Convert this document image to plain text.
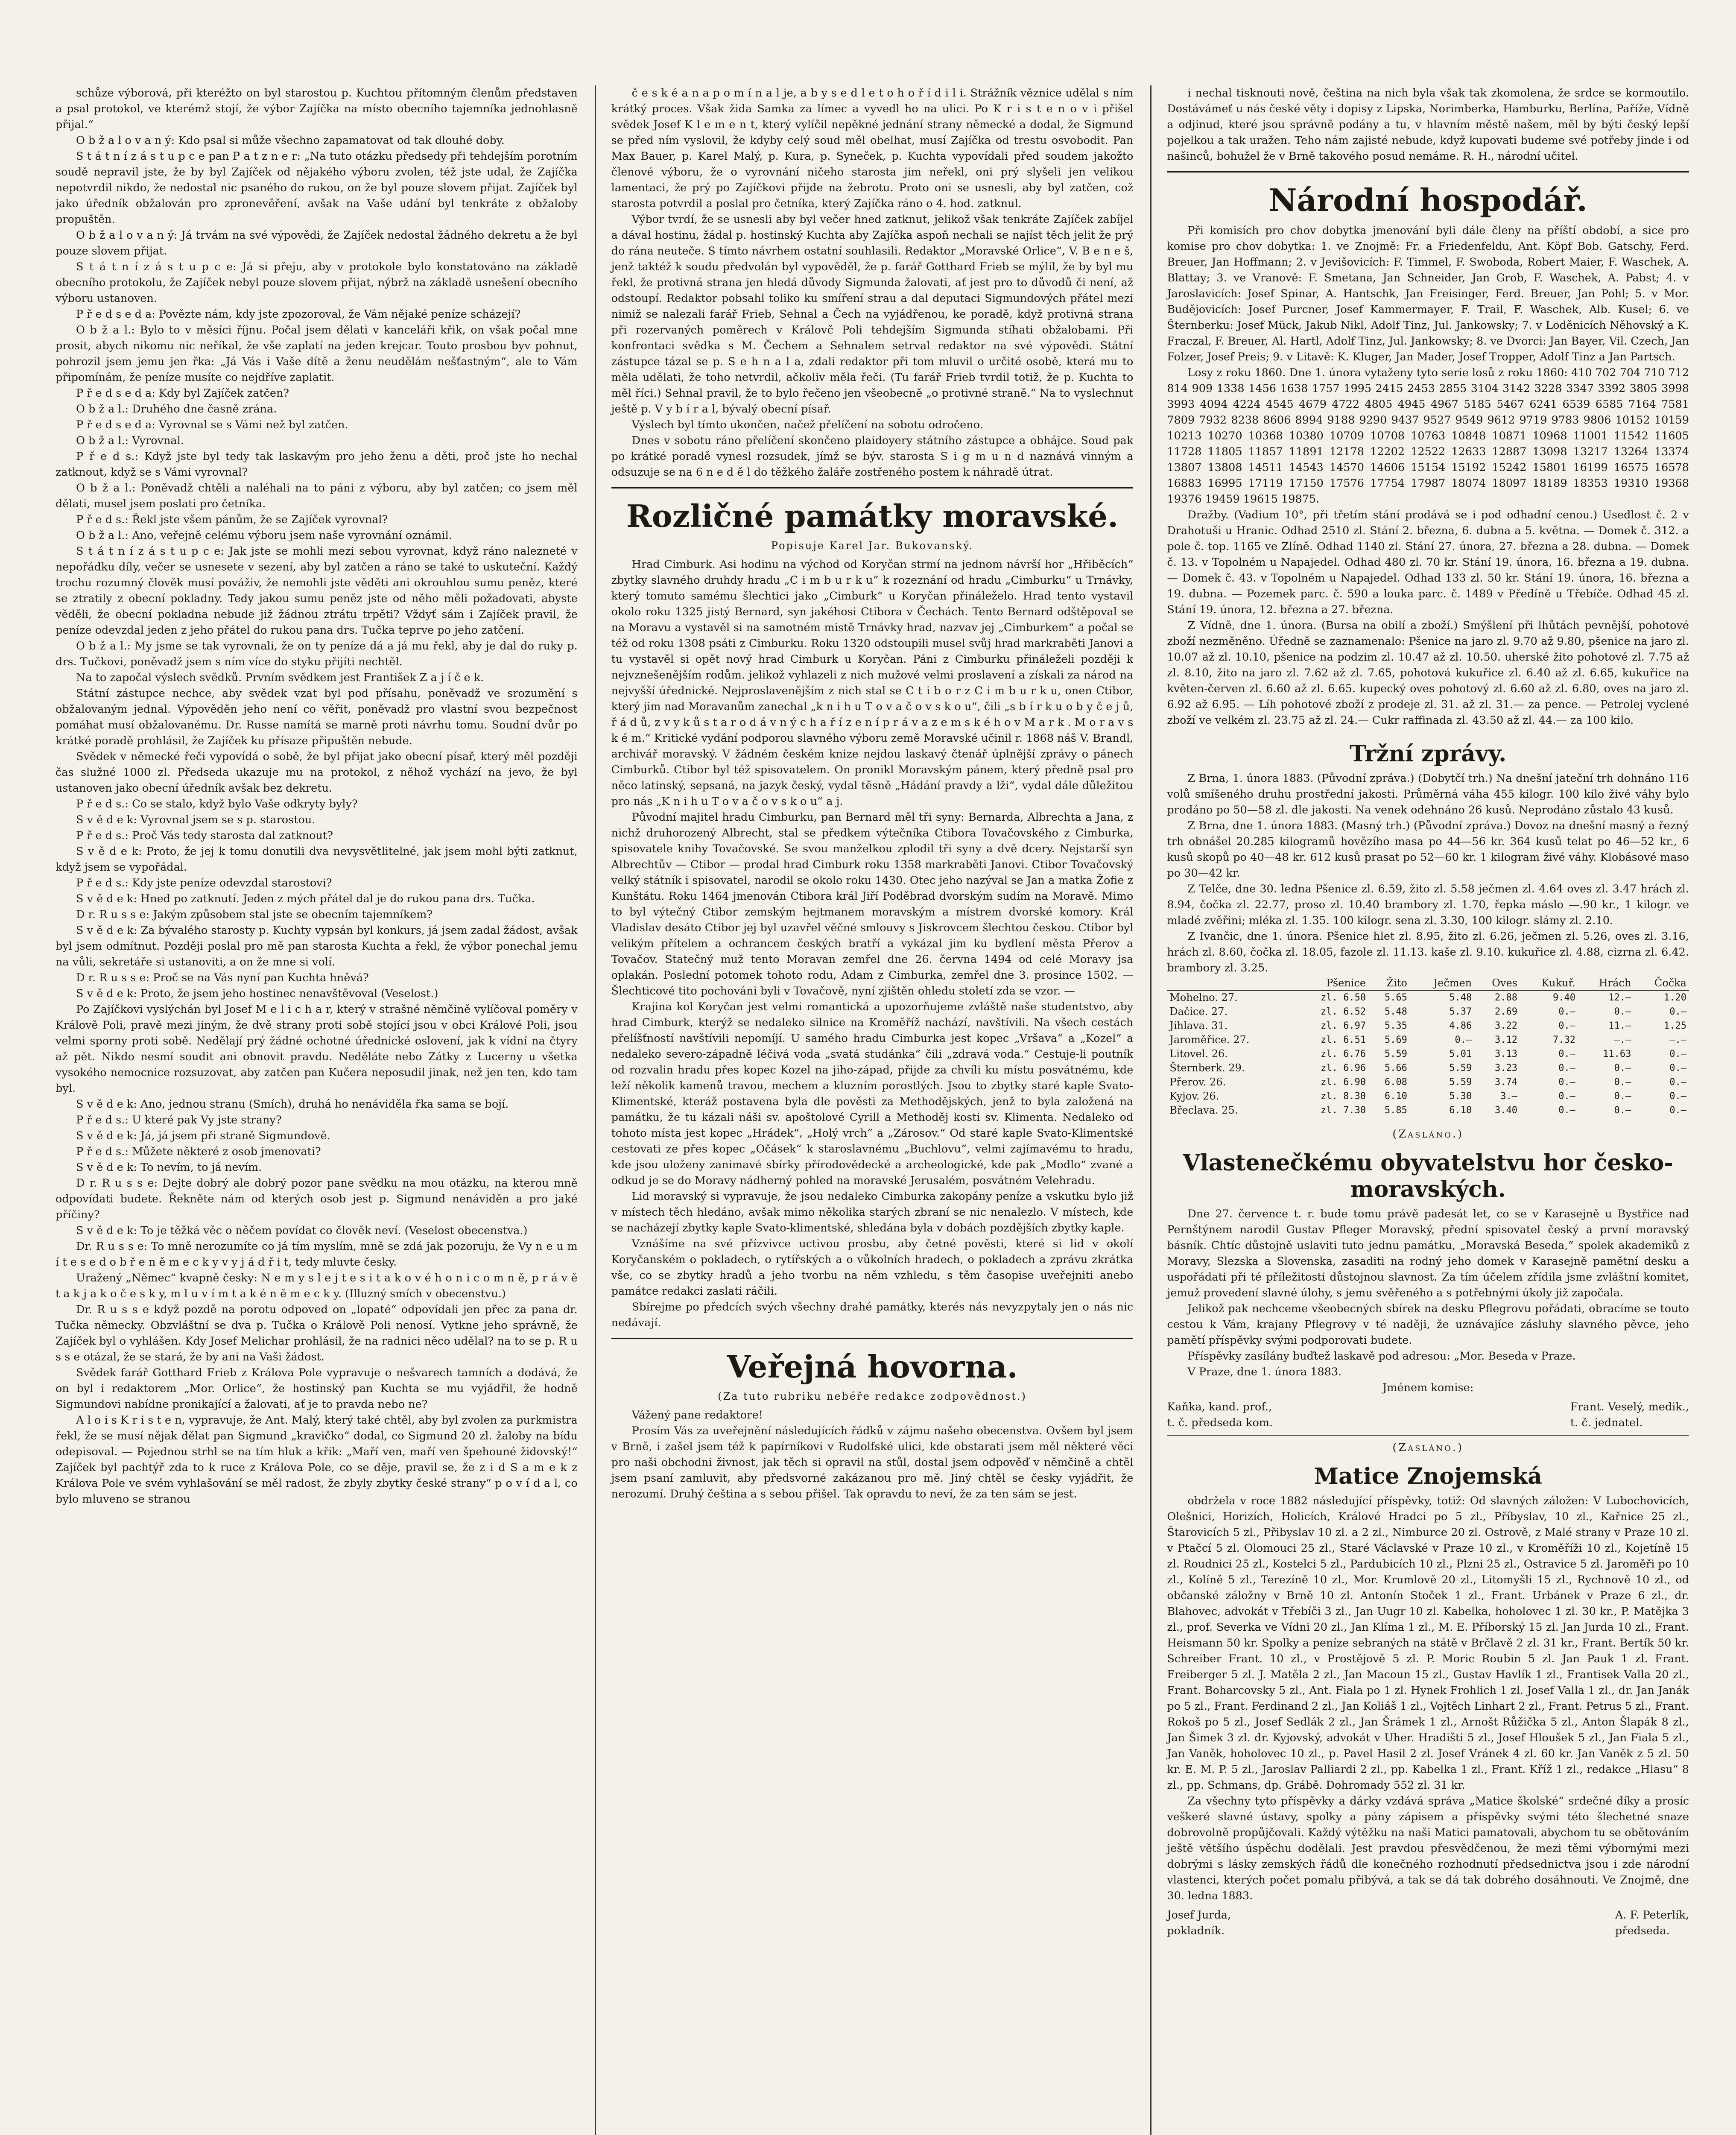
schůze výborová, při kteréžto on byl starostou p. Kuchtou přítomným členům představen a psal protokol, ve kterémž stojí, že výbor Zajíčka na místo obecního tajemníka jednohlasně přijal.“

O b ž a l o v a n ý: Kdo psal si může všechno zapamatovat od tak dlouhé doby.

S t á t n í z á s t u p c e pan P a t z n e r: „Na tuto otázku předsedy při tehdejším porotním soudě nepravil jste, že by byl Zajíček od nějakého výboru zvolen, též jste udal, že Zajíčka nepotvrdil nikdo, že nedostal nic psaného do rukou, on že byl pouze slovem přijat. Zajíček byl jako úředník obžalován pro zpronevěření, avšak na Vaše udání byl tenkráte z obžaloby propuštěn.

O b ž a l o v a n ý: Já trvám na své výpovědi, že Zajíček nedostal žádného dekretu a že byl pouze slovem přijat.

S t á t n í z á s t u p c e: Já si přeju, aby v protokole bylo konstatováno na základě obecního protokolu, že Zajíček nebyl pouze slovem přijat, nýbrž na základě usnešení obecního výboru ustanoven.

P ř e d s e d a: Povězte nám, kdy jste zpozoroval, že Vám nějaké peníze scházejí?

O b ž a l.: Bylo to v měsíci říjnu. Počal jsem dělati v kanceláři křik, on však počal mne prosit, abych nikomu nic neříkal, že vše zaplatí na jeden krejcar. Touto prosbou byv pohnut, pohrozil jsem jemu jen řka: „Já Vás i Vaše dítě a ženu neudělám nešťastným“, ale to Vám připomínám, že peníze musíte co nejdříve zaplatit.

P ř e d s e d a: Kdy byl Zajíček zatčen?

O b ž a l.: Druhého dne časně zrána.

P ř e d s e d a: Vyrovnal se s Vámi než byl zatčen.

O b ž a l.: Vyrovnal.

P ř e d s.: Když jste byl tedy tak laskavým pro jeho ženu a děti, proč jste ho nechal zatknout, když se s Vámi vyrovnal?

O b ž a l.: Poněvadž chtěli a naléhali na to páni z výboru, aby byl zatčen; co jsem měl dělati, musel jsem poslati pro četníka.

P ř e d s.: Řekl jste všem pánům, že se Zajíček vyrovnal?

O b ž a l.: Ano, veřejně celému výboru jsem naše vyrovnání oznámil.

S t á t n í z á s t u p c e: Jak jste se mohli mezi sebou vyrovnat, když ráno nalezneté v nepořádku díly, večer se usnesete v sezení, aby byl zatčen a ráno se také to uskuteční. Každý trochu rozumný člověk musí pováživ, že nemohli jste věděti ani okrouhlou sumu peněz, které se ztratily z obecní pokladny. Tedy jakou sumu peněz jste od něho měli požadovati, abyste věděli, že obecní pokladna nebude již žádnou ztrátu trpěti? Vždyť sám i Zajíček pravil, že peníze odevzdal jeden z jeho přátel do rukou pana drs. Tučka teprve po jeho zatčení.

O b ž a l.: My jsme se tak vyrovnali, že on ty peníze dá a já mu řekl, aby je dal do ruky p. drs. Tučkovi, poněvadž jsem s ním více do styku přijíti nechtěl.

Na to započal výslech svědků. Prvním svědkem jest František Z a j í č e k.

Státní zástupce nechce, aby svědek vzat byl pod přísahu, poněvadž ve srozumění s obžalovaným jednal. Výpověděn jeho není co věřit, poněvadž pro vlastní svou bezpečnost pomáhat musí obžalovanému. Dr. Russe namítá se marně proti návrhu tomu. Soudní dvůr po krátké poradě prohlásil, že Zajíček ku přísaze připuštěn nebude.

Svědek v německé řeči vypovídá o sobě, že byl přijat jako obecní písař, který měl později čas služné 1000 zl. Předseda ukazuje mu na protokol, z něhož vychází na jevo, že byl ustanoven jako obecní úředník avšak bez dekretu.

P ř e d s.: Co se stalo, když bylo Vaše odkryty byly?

S v ě d e k: Vyrovnal jsem se s p. starostou.

P ř e d s.: Proč Vás tedy starosta dal zatknout?

S v ě d e k: Proto, že jej k tomu donutili dva nevysvětlitelné, jak jsem mohl býti zatknut, když jsem se vypořádal.

P ř e d s.: Kdy jste peníze odevzdal starostovi?

S v ě d e k: Hned po zatknutí. Jeden z mých přátel dal je do rukou pana drs. Tučka.

D r. R u s s e: Jakým způsobem stal jste se obecním tajemníkem?

S v ě d e k: Za bývalého starosty p. Kuchty vypsán byl konkurs, já jsem zadal žádost, avšak byl jsem odmítnut. Později poslal pro mě pan starosta Kuchta a řekl, že výbor ponechal jemu na vůli, sekretáře si ustanoviti, a on že mne si volí.

D r. R u s s e: Proč se na Vás nyní pan Kuchta hněvá?

S v ě d e k: Proto, že jsem jeho hostinec nenavštěvoval (Veselost.)

Po Zajíčkovi vyslýchán byl Josef M e l i c h a r, který v strašné němčině vylíčoval poměry v Králově Poli, pravě mezi jiným, že dvě strany proti sobě stojící jsou v obci Králové Poli, jsou velmi sporny proti sobě. Nedělají prý žádné ochotné úřednické oslovení, jak k vídní na čtyry až pět. Nikdo nesmí soudit ani obnovit pravdu. Neděláte nebo Zátky z Lucerny u všetka vysokého nemocnice rozsuzovat, aby zatčen pan Kučera neposudil jinak, než jen ten, kdo tam byl.

S v ě d e k: Ano, jednou stranu (Smích), druhá ho nenáviděla řka sama se bojí.

P ř e d s.: U které pak Vy jste strany?

S v ě d e k: Já, já jsem při straně Sigmundově.

P ř e d s.: Můžete některé z osob jmenovati?

S v ě d e k: To nevím, to já nevím.

D r. R u s s e: Dejte dobrý ale dobrý pozor pane svědku na mou otázku, na kterou mně odpovídati budete. Řekněte nám od kterých osob jest p. Sigmund nenáviděn a pro jaké příčiny?

S v ě d e k: To je těžká věc o něčem povídat co člověk neví. (Veselost obecenstva.)

Dr. R u s s e: To mně nerozumíte co já tím myslím, mně se zdá jak pozoruju, že Vy n e u m í t e s e d o b ř e n ě m e c k y v y j á d ř i t, tedy mluvte česky.

Uražený „Němec“ kvapně česky: N e m y s l e j t e s i t a k o v é h o n i c o m n ě, p r á v ě t a k j a k o č e s k y, m l u v í m t a k é n ě m e c k y. (Illuzný smích v obecenstvu.)

Dr. R u s s e když pozdě na porotu odpoved on „lopaté“ odpovídali jen přec za pana dr. Tučka německy. Obzvláštní se dva p. Tučka o Králově Poli nenosí. Vytkne jeho správně, že Zajíček byl o vyhlášen. Kdy Josef Melichar prohlásil, že na radnici něco udělal? na to se p. R u s s e otázal, že se stará, že by ani na Vaši žádost.

Svědek farář Gotthard Frieb z Králova Pole vypravuje o nešvarech tamních a dodává, že on byl i redaktorem „Mor. Orlice“, že hostinský pan Kuchta se mu vyjádřil, že hodně Sigmundovi nabídne pronikající a žalovati, ať je to pravda nebo ne?

A l o i s K r i s t e n, vypravuje, že Ant. Malý, který také chtěl, aby byl zvolen za purkmistra řekl, že se musí nějak dělat pan Sigmund „kravičko“ dodal, co Sigmund 20 zl. žaloby na bídu odepisoval. — Pojednou strhl se na tím hluk a křik: „Maří ven, maří ven špehouné židovský!“ Zajíček byl pachtýř zda to k ruce z Králova Pole, co se děje, pravil se, že z i d S a m e k z Králova Pole ve svém vyhlašování se měl radost, že zbyly zbytky české strany“ p o v í d a l, co bylo mluveno se stranou

č e s k é a n a p o m í n a l je, a b y s e d l e t o h o ř í d i l i. Strážník věznice udělal s ním krátký proces. Však žida Samka za límec a vyvedl ho na ulici. Po K r i s t e n o v i přišel svědek Josef K l e m e n t, který vylíčil nepěkné jednání strany německé a dodal, že Sigmund se před ním vyslovil, že kdyby celý soud měl obelhat, musí Zajíčka od trestu osvobodit. Pan Max Bauer, p. Karel Malý, p. Kura, p. Syneček, p. Kuchta vypovídali před soudem jakožto členové výboru, že o vyrovnání ničeho starosta jim neřekl, oni prý slyšeli jen velikou lamentaci, že prý po Zajíčkovi přijde na žebrotu. Proto oni se usnesli, aby byl zatčen, což starosta potvrdil a poslal pro četníka, který Zajíčka ráno o 4. hod. zatknul.

Výbor tvrdí, že se usnesli aby byl večer hned zatknut, jelikož však tenkráte Zajíček zabíjel a dával hostinu, žádal p. hostinský Kuchta aby Zajíčka aspoň nechali se najíst těch jelit že prý do rána neuteče. S tímto návrhem ostatní souhlasili. Redaktor „Moravské Orlice“, V. B e n e š, jenž taktéž k soudu předvolán byl vypověděl, že p. farář Gotthard Frieb se mýlil, že by byl mu řekl, že protivná strana jen hledá důvody Sigmunda žalovati, ať jest pro to důvodů či není, až odstoupí. Redaktor pobsahl toliko ku smíření strau a dal deputaci Sigmundových přátel mezi nimiž se nalezali farář Frieb, Sehnal a Čech na vyjádřenou, ke poradě, když protivná strana při rozervaných poměrech v Královč Poli tehdejším Sigmunda stíhati obžalobami. Při konfrontaci svědka s M. Čechem a Sehnalem setrval redaktor na své výpovědi. Státní zástupce tázal se p. S e h n a l a, zdali redaktor při tom mluvil o určité osobě, která mu to měla udělati, že toho netvrdil, ačkoliv měla řeči. (Tu farář Frieb tvrdil totiž, že p. Kuchta to měl říci.) Sehnal pravil, že to bylo řečeno jen všeobecně „o protivné straně.“ Na to vyslechnut ještě p. V y b í r a l, bývalý obecní písař.

Výslech byl tímto ukončen, načež přelíčení na sobotu odročeno.

Dnes v sobotu ráno přelíčení skončeno plaidoyery státního zástupce a obhájce. Soud pak po krátké poradě vynesl rozsudek, jímž se býv. starosta S i g m u n d naznává vinným a odsuzuje se na 6 n e d ě l do těžkého žaláře zostřeného postem k náhradě útrat.

Rozličné památky moravské.
Popisuje Karel Jar. Bukovanský.

Hrad Cimburk. Asi hodinu na východ od Koryčan strmí na jednom návrší hor „Hřiběcích“ zbytky slavného druhdy hradu „C i m b u r k u“ k rozeznání od hradu „Cimburku“ u Trnávky, který tomuto samému šlechtici jako „Cimburk“ u Koryčan přináleželo. Hrad tento vystavil okolo roku 1325 jistý Bernard, syn jakéhosi Ctibora v Čechách. Tento Bernard odštěpoval se na Moravu a vystavěl si na samotném mistě Trnávky hrad, nazvav jej „Cimburkem“ a počal se též od roku 1308 psáti z Cimburku. Roku 1320 odstoupili musel svůj hrad markraběti Janovi a tu vystavěl si opět nový hrad Cimburk u Koryčan. Páni z Cimburku přináleželi později k nejvznešenějším rodům. jelikož vyhlazeli z nich mužové velmi proslavení a získali za národ na nejvyšší úřednické. Nejproslavenějším z nich stal se C t i b o r z C i m b u r k u, onen Ctibor, který jim nad Moravanům zanechal „k n i h u T o v a č o v s k o u“, čili „s b í r k u o b y č e j ů, ř á d ů, z v y k ů s t a r o d á v n ý c h a ř í z e n í p r á v a z e m s k é h o v M a r k . M o r a v s k é m.“ Kritické vydání podporou slavného výboru země Moravské učinil r. 1868 náš V. Brandl, archivář moravský. V žádném českém knize nejdou laskavý čtenář úplnější zprávy o pánech Cimburků. Ctibor byl též spisovatelem. On pronikl Moravským pánem, který předně psal pro něco latinský, sepsaná, na jazyk český, vydal těsně „Hádání pravdy a lži“, vydal dále důležitou pro nás „K n i h u T o v a č o v s k o u“ a j.

Původní majitel hradu Cimburku, pan Bernard měl tři syny: Bernarda, Albrechta a Jana, z nichž druhorozený Albrecht, stal se předkem výtečníka Ctibora Tovačovského z Cimburka, spisovatele knihy Tovačovské. Se svou manželkou zplodil tři syny a dvě dcery. Nejstarší syn Albrechtův — Ctibor — prodal hrad Cimburk roku 1358 markraběti Janovi. Ctibor Tovačovský velký státník i spisovatel, narodil se okolo roku 1430. Otec jeho nazýval se Jan a matka Žofie z Kunštátu. Roku 1464 jmenován Ctibora král Jiří Poděbrad dvorským sudím na Moravě. Mimo to byl výtečný Ctibor zemským hejtmanem moravským a místrem dvorské komory. Král Vladislav desáto Ctibor jej byl uzavřel věčné smlouvy s Jiskrovcem šlechtou českou. Ctibor byl velikým přítelem a ochrancem českých bratří a vykázal jim ku bydlení města Přerov a Tovačov. Statečný muž tento Moravan zemřel dne 26. června 1494 od celé Moravy jsa oplakán. Poslední potomek tohoto rodu, Adam z Cimburka, zemřel dne 3. prosince 1502. — Šlechticové tito pochováni byli v Tovačově, nyní zjištěn ohledu století zda se vzor. —

Krajina kol Koryčan jest velmi romantická a upozorňujeme zvláště naše studentstvo, aby hrad Cimburk, kterýž se nedaleko silnice na Kroměříž nachází, navštívili. Na všech cestách přelíšťností navštívili nepomíjí. U samého hradu Cimburka jest kopec „Vršava“ a „Kozel“ a nedaleko severo-západně léčivá voda „svatá studánka“ čili „zdravá voda.“ Cestuje-li poutník od rozvalin hradu přes kopec Kozel na jiho-západ, přijde za chvíli ku místu posvátnému, kde leží několik kamenů travou, mechem a kluzním porostlých. Jsou to zbytky staré kaple Svato-Klimentské, kteráž postavena byla dle pověsti za Methodějských, jenž to byla založená na památku, že tu kázali náši sv. apoštolové Cyrill a Methoděj kosti sv. Klimenta. Nedaleko od tohoto místa jest kopec „Hrádek“, „Holý vrch“ a „Zárosov.“ Od staré kaple Svato-Klimentské cestovati ze přes kopec „Očásek“ k staroslavnému „Buchlovu“, velmi zajímavému to hradu, kde jsou uloženy zanimavé sbírky přírodovědecké a archeologické, kde pak „Modlo“ zvané a odkud je se do Moravy nádherný pohled na moravské Jerusalém, posvátném Velehradu.

Lid moravský si vypravuje, že jsou nedaleko Cimburka zakopány peníze a vskutku bylo již v místech těch hledáno, avšak mimo několika starých zbraní se nic nenalezlo. V místech, kde se nacházejí zbytky kaple Svato-klimentské, shledána byla v dobách pozdějších zbytky kaple.

Vznášíme na své přízvivce uctivou prosbu, aby četné pověsti, které si lid v okolí Koryčanském o pokladech, o rytířských a o vůkolních hradech, o pokladech a zprávu zkrátka vše, co se zbytky hradů a jeho tvorbu na něm vzhledu, s těm časopise uveřejniti anebo památce redakci zaslati ráčili.

Sbírejme po předcích svých všechny drahé památky, kterés nás nevyzpytaly jen o nás nic nedávají.

Veřejná hovorna.
(Za tuto rubriku nebéře redakce zodpovědnost.)

Vážený pane redaktore!

Prosím Vás za uveřejnění následujících řádků v zájmu našeho obecenstva. Ovšem byl jsem v Brně, i zašel jsem též k papírníkovi v Rudolfské ulici, kde obstarati jsem měl některé věci pro naši obchodni živnost, jak těch si opravil na stůl, dostal jsem odpověď v němčině a chtěl jsem psaní zamluvit, aby předsvorné zakázanou pro mě. Jiný chtěl se česky vyjádřit, že nerozumí. Druhý čeština a s sebou přišel. Tak opravdu to neví, že za ten sám se jest.

i nechal tisknouti nově, čeština na nich byla však tak zkomolena, že srdce se kormoutilo. Dostávámeť u nás české věty i dopisy z Lipska, Norimberka, Hamburku, Berlína, Paříže, Vídně a odjinud, které jsou správně podány a tu, v hlavním městě našem, měl by býti český lepší pojelkou a tak uražen. Teho nám zajisté nebude, když kupovati budeme své potřeby jinde i od našinců, bohužel že v Brně takového posud nemáme. R. H., národní učitel.

Národní hospodář.

Při komisích pro chov dobytka jmenování byli dále členy na příští období, a sice pro komise pro chov dobytka: 1. ve Znojmě: Fr. a Friedenfeldu, Ant. Köpf Bob. Gatschy, Ferd. Breuer, Jan Hoffmann; 2. v Jevišovicích: F. Timmel, F. Swoboda, Robert Maier, F. Waschek, A. Blattay; 3. ve Vranově: F. Smetana, Jan Schneider, Jan Grob, F. Waschek, A. Pabst; 4. v Jaroslavicích: Josef Spinar, A. Hantschk, Jan Freisinger, Ferd. Breuer, Jan Pohl; 5. v Mor. Budějovicích: Josef Purcner, Josef Kammermayer, F. Trail, F. Waschek, Alb. Kusel; 6. ve Šternberku: Josef Mück, Jakub Nikl, Adolf Tinz, Jul. Jankowsky; 7. v Loděnicích Něhovský a K. Fraczal, F. Breuer, Al. Hartl, Adolf Tinz, Jul. Jankowsky; 8. ve Dvorci: Jan Bayer, Vil. Czech, Jan Folzer, Josef Preis; 9. v Litavě: K. Kluger, Jan Mader, Josef Tropper, Adolf Tinz a Jan Partsch.

Losy z roku 1860. Dne 1. února vytaženy tyto serie losů z roku 1860: 410 702 704 710 712 814 909 1338 1456 1638 1757 1995 2415 2453 2855 3104 3142 3228 3347 3392 3805 3998 3993 4094 4224 4545 4679 4722 4805 4945 4967 5185 5467 6241 6539 6585 7164 7581 7809 7932 8238 8606 8994 9188 9290 9437 9527 9549 9612 9719 9783 9806 10152 10159 10213 10270 10368 10380 10709 10708 10763 10848 10871 10968 11001 11542 11605 11728 11805 11857 11891 12178 12202 12522 12633 12887 13098 13217 13264 13374 13807 13808 14511 14543 14570 14606 15154 15192 15242 15801 16199 16575 16578 16883 16995 17119 17150 17576 17754 17987 18074 18097 18189 18353 19310 19368 19376 19459 19615 19875.

Dražby. (Vadium 10°, při třetím stání prodává se i pod odhadní cenou.) Usedlost č. 2 v Drahotuši u Hranic. Odhad 2510 zl. Stání 2. března, 6. dubna a 5. května. — Domek č. 312. a pole č. top. 1165 ve Zlíně. Odhad 1140 zl. Stání 27. února, 27. března a 28. dubna. — Domek č. 13. v Topolném u Napajedel. Odhad 480 zl. 70 kr. Stání 19. února, 16. března a 19. dubna. — Domek č. 43. v Topolném u Napajedel. Odhad 133 zl. 50 kr. Stání 19. února, 16. března a 19. dubna. — Pozemek parc. č. 590 a louka parc. č. 1489 v Předíně u Třebíče. Odhad 45 zl. Stání 19. února, 12. března a 27. března.

Z Vídně, dne 1. února. (Bursa na obilí a zboží.) Smýšlení při lhůtách pevnější, pohotové zboží nezměněno. Úředně se zaznamenalo: Pšenice na jaro zl. 9.70 až 9.80, pšenice na jaro zl. 10.07 až zl. 10.10, pšenice na podzim zl. 10.47 až zl. 10.50. uherské žito pohotové zl. 7.75 až zl. 8.10, žito na jaro zl. 7.62 až zl. 7.65, pohotová kukuřice zl. 6.40 až zl. 6.65, kukuřice na květen-červen zl. 6.60 až zl. 6.65. kupecký oves pohotový zl. 6.60 až zl. 6.80, oves na jaro zl. 6.92 až 6.95. — Líh pohotové zboží z prodeje zl. 31. až zl. 31.— za pence. — Petrolej vyclené zboží ve velkém zl. 23.75 až zl. 24.— Cukr raffinada zl. 43.50 až zl. 44.— za 100 kilo.

Tržní zprávy.

Z Brna, 1. února 1883. (Původní zpráva.) (Dobytčí trh.) Na dnešní jateční trh dohnáno 116 volů smíšeného druhu prostřední jakosti. Průměrná váha 455 kilogr. 100 kilo živé váhy bylo prodáno po 50—58 zl. dle jakosti. Na venek odehnáno 26 kusů. Neprodáno zůstalo 43 kusů.

Z Brna, dne 1. února 1883. (Masný trh.) (Původní zpráva.) Dovoz na dnešní masný a řezný trh obnášel 20.285 kilogramů hovězího masa po 44—56 kr. 364 kusů telat po 46—52 kr., 6 kusů skopů po 40—48 kr. 612 kusů prasat po 52—60 kr. 1 kilogram živé váhy. Klobásové maso po 30—42 kr.

Z Telče, dne 30. ledna Pšenice zl. 6.59, žito zl. 5.58 ječmen zl. 4.64 oves zl. 3.47 hrách zl. 8.94, čočka zl. 22.77, proso zl. 10.40 brambory zl. 1.70, řepka máslo —.90 kr., 1 kilogr. ve mladé zvěřini; mléka zl. 1.35. 100 kilogr. sena zl. 3.30, 100 kilogr. slámy zl. 2.10.

Z Ivančic, dne 1. února. Pšenice hlet zl. 8.95, žito zl. 6.26, ječmen zl. 5.26, oves zl. 3.16, hrách zl. 8.60, čočka zl. 18.05, fazole zl. 11.13. kaše zl. 9.10. kukuřice zl. 4.88, cizrna zl. 6.42. brambory zl. 3.25.

	Pšenice	Žito	Ječmen	Oves	Kukuř.	Hrách	Čočka
Mohelno. 27.	zl. 6.50	5.65	5.48	2.88	9.40	12.—	1.20
Dačice. 27.	zl. 6.52	5.48	5.37	2.69	0.—	0.—	0.—
Jihlava. 31.	zl. 6.97	5.35	4.86	3.22	0.—	11.—	1.25
Jaroměřice. 27.	zl. 6.51	5.69	0.—	3.12	7.32	—.—	—.—
Litovel. 26.	zl. 6.76	5.59	5.01	3.13	0.—	11.63	0.—
Šternberk. 29.	zl. 6.96	5.66	5.59	3.23	0.—	0.—	0.—
Přerov. 26.	zl. 6.90	6.08	5.59	3.74	0.—	0.—	0.—
Kyjov. 26.	zl. 8.30	6.10	5.30	3.—	0.—	0.—	0.—
Břeclava. 25.	zl. 7.30	5.85	6.10	3.40	0.—	0.—	0.—
(Zasláno.)
Vlastenečkému obyvatelstvu hor česko-moravských.

Dne 27. července t. r. bude tomu právě padesát let, co se v Karasejně u Bystřice nad Pernštýnem narodil Gustav Pfleger Moravský, přední spisovatel český a první moravský básník. Chtíc důstojně uslaviti tuto jednu památku, „Moravská Beseda,“ spolek akademiků z Moravy, Slezska a Slovenska, zasaditi na rodný jeho domek v Karasejně pamětní desku a uspořádati při té příležitosti důstojnou slavnost. Za tím účelem zřídila jsme zvláštní komitet, jemuž provedení slavné úlohy, s jemu svěřeného a s potřebnými úkoly již započala.

Jelikož pak nechceme všeobecných sbírek na desku Pflegrovu pořádati, obracíme se touto cestou k Vám, krajany Pflegrovy v té naději, že uznávajíce zásluhy slavného pěvce, jeho pamětí příspěvky svými podporovati budete.

Příspěvky zasílány buďtež laskavě pod adresou: „Mor. Beseda v Praze.

V Praze, dne 1. února 1883.

Jménem komise:
Kaňka, kand. prof.,
t. č. předseda kom.
Frant. Veselý, medik.,
t. č. jednatel.
(Zasláno.)
Matice Znojemská

obdržela v roce 1882 následující příspěvky, totiž: Od slavných záložen: V Lubochovicích, Olešnici, Horizích, Holicích, Králové Hradci po 5 zl., Příbyslav, 10 zl., Kařnice 25 zl., Štarovicích 5 zl., Přibyslav 10 zl. a 2 zl., Nimburce 20 zl. Ostrově, z Malé strany v Praze 10 zl. v Ptačcí 5 zl. Olomouci 25 zl., Staré Václavské v Praze 10 zl., v Kroměříži 10 zl., Kojetíně 15 zl. Roudnici 25 zl., Kostelci 5 zl., Pardubicích 10 zl., Plzni 25 zl., Ostravice 5 zl. Jaroměři po 10 zl., Kolíně 5 zl., Terezíně 10 zl., Mor. Krumlově 20 zl., Litomyšli 15 zl., Rychnově 10 zl., od občanské záložny v Brně 10 zl. Antonín Stoček 1 zl., Frant. Urbánek v Praze 6 zl., dr. Blahovec, advokát v Třebíči 3 zl., Jan Uugr 10 zl. Kabelka, hoholovec 1 zl. 30 kr., P. Matějka 3 zl., prof. Severka ve Vídni 20 zl., Jan Klíma 1 zl., M. E. Příborský 15 zl. Jan Jurda 10 zl., Frant. Heismann 50 kr. Spolky a peníze sebraných na státě v Brčlavě 2 zl. 31 kr., Frant. Bertík 50 kr. Schreiber Frant. 10 zl., v Prostějově 5 zl. P. Moric Roubin 5 zl. Jan Pauk 1 zl. Frant. Freiberger 5 zl. J. Matěla 2 zl., Jan Macoun 15 zl., Gustav Havlík 1 zl., Frantisek Valla 20 zl., Frant. Boharcovsky 5 zl., Ant. Fiala po 1 zl. Hynek Frohlich 1 zl. Josef Valla 1 zl., dr. Jan Janák po 5 zl., Frant. Ferdinand 2 zl., Jan Koliáš 1 zl., Vojtěch Linhart 2 zl., Frant. Petrus 5 zl., Frant. Rokoš po 5 zl., Josef Sedlák 2 zl., Jan Šrámek 1 zl., Arnošt Růžička 5 zl., Anton Šlapák 8 zl., Jan Šimek 3 zl. dr. Kyjovský, advokát v Uher. Hradišti 5 zl., Josef Hloušek 5 zl., Jan Fiala 5 zl., Jan Vaněk, hoholovec 10 zl., p. Pavel Hasil 2 zl. Josef Vránek 4 zl. 60 kr. Jan Vaněk z 5 zl. 50 kr. E. M. P. 5 zl., Jaroslav Palliardi 2 zl., pp. Kabelka 1 zl., Frant. Kříž 1 zl., redakce „Hlasu“ 8 zl., pp. Schmans, dp. Grábě. Dohromady 552 zl. 31 kr.

Za všechny tyto příspěvky a dárky vzdává správa „Matice školské“ srdečné díky a prosíc veškeré slavné ústavy, spolky a pány zápisem a příspěvky svými této šlechetné snaze dobrovolně propůjčovali. Každý výtěžku na naši Matici pamatovali, abychom tu se obětováním ještě většího úspěchu dodělali. Jest pravdou přesvědčenou, že mezi těmi výbornými mezi dobrými s lásky zemských řádů dle konečného rozhodnutí předsednictva jsou i zde národní vlastenci, kterých počet pomalu přibývá, a tak se dá tak dobrého dosáhnouti. Ve Znojmě, dne 30. ledna 1883.

Josef Jurda,
pokladník.
A. F. Peterlík,
předseda.
